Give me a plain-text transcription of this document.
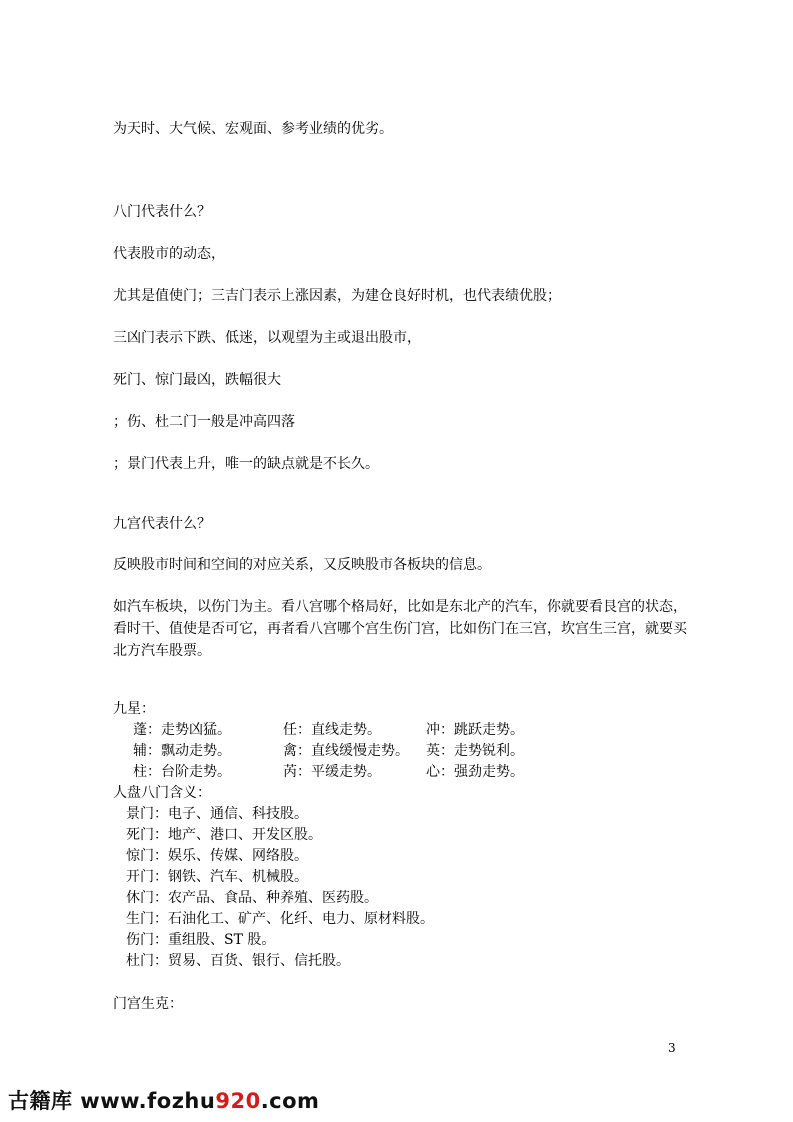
为天时、大气候、宏观面、参考业绩的优劣。

八门代表什么？

代表股市的动态，

尤其是值使门；三吉门表示上涨因素，为建仓良好时机，也代表绩优股；

三凶门表示下跌、低迷，以观望为主或退出股市，

死门、惊门最凶，跌幅很大

；伤、杜二门一般是冲高四落

；景门代表上升，唯一的缺点就是不长久。

九宫代表什么？

反映股市时间和空间的对应关系，又反映股市各板块的信息。

如汽车板块，以伤门为主。看八宫哪个格局好，比如是东北产的汽车，你就要看艮宫的状态，

看时干、值使是否可它，再者看八宫哪个宫生伤门宫，比如伤门在三宫，坎宫生三宫，就要买

北方汽车股票。

九星：

蓬：走势凶猛。	任：直线走势。	冲：跳跃走势。
辅：飘动走势。	禽：直线缓慢走势。 英：走势锐利。
柱：台阶走势。	芮：平缓走势。	心：强劲走势。
人盘八门含义：
景门：电子、通信、科技股。
死门：地产、港口、开发区股。
惊门：娱乐、传媒、网络股。
开门：钢铁、汽车、机械股。
休门：农产品、食品、种养殖、医药股。
生门：石油化工、矿产、化纤、电力、原材料股。
伤门：重组股、ST 股。
杜门：贸易、百货、银行、信托股。

门宫生克：

3
古籍库 www.fozhu920.com
